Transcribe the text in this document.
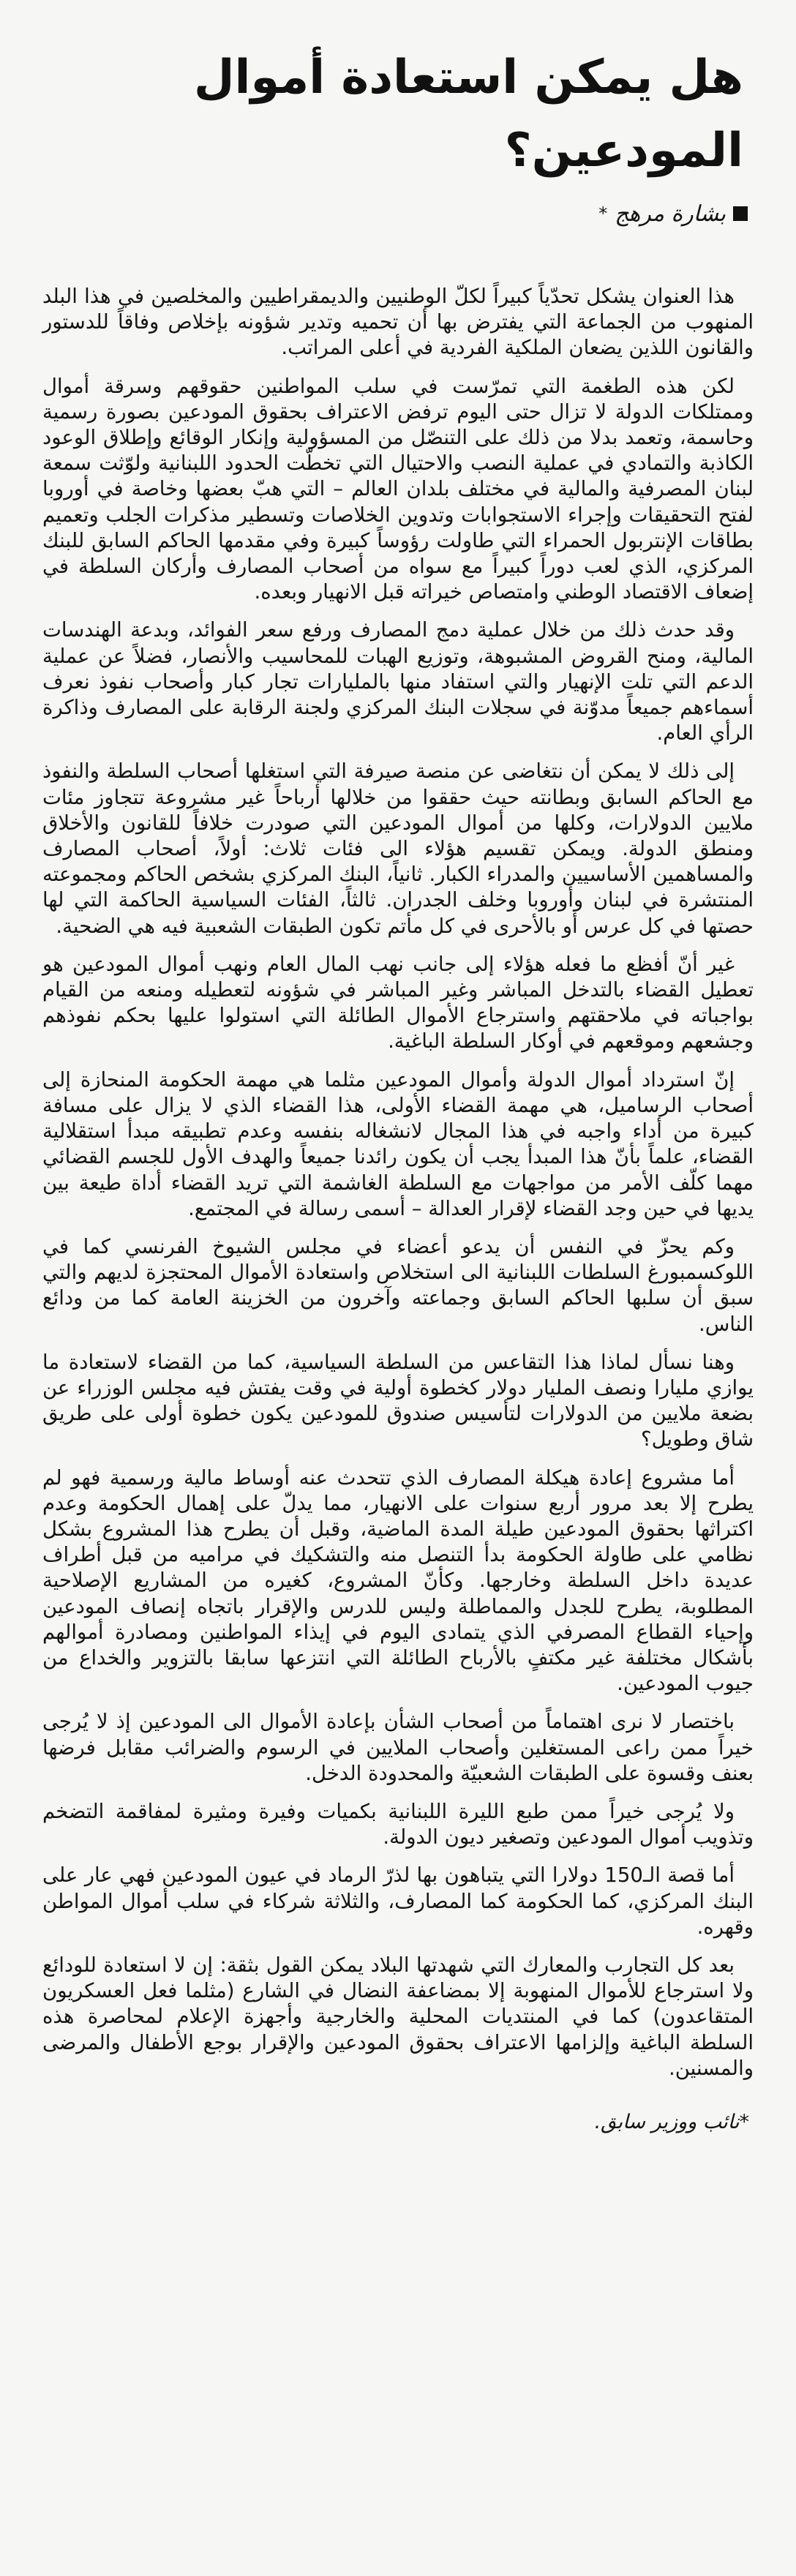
هل يمكن استعادة أموال المودعين؟
بشارة مرهج
*

هذا العنوان يشكل تحدّياً كبيراً لكلّ الوطنيين والديمقراطيين والمخلصين في هذا البلد المنهوب من الجماعة التي يفترض بها أن تحميه وتدير شؤونه بإخلاص وفاقاً للدستور والقانون اللذين يضعان الملكية الفردية في أعلى المراتب.

لكن هذه الطغمة التي تمرّست في سلب المواطنين حقوقهم وسرقة أموال وممتلكات الدولة لا تزال حتى اليوم ترفض الاعتراف بحقوق المودعين بصورة رسمية وحاسمة، وتعمد بدلا من ذلك على التنصّل من المسؤولية وإنكار الوقائع وإطلاق الوعود الكاذبة والتمادي في عملية النصب والاحتيال التي تخطّت الحدود اللبنانية ولوّثت سمعة لبنان المصرفية والمالية في مختلف بلدان العالم – التي هبّ بعضها وخاصة في أوروبا لفتح التحقيقات وإجراء الاستجوابات وتدوين الخلاصات وتسطير مذكرات الجلب وتعميم بطاقات الإنتربول الحمراء التي طاولت رؤوساً كبيرة وفي مقدمها الحاكم السابق للبنك المركزي، الذي لعب دوراً كبيراً مع سواه من أصحاب المصارف وأركان السلطة في إضعاف الاقتصاد الوطني وامتصاص خيراته قبل الانهيار وبعده.

وقد حدث ذلك من خلال عملية دمج المصارف ورفع سعر الفوائد، وبدعة الهندسات المالية، ومنح القروض المشبوهة، وتوزيع الهبات للمحاسيب والأنصار، فضلاً عن عملية الدعم التي تلت الإنهيار والتي استفاد منها بالمليارات تجار كبار وأصحاب نفوذ نعرف أسماءهم جميعاً مدوّنة في سجلات البنك المركزي ولجنة الرقابة على المصارف وذاكرة الرأي العام.

إلى ذلك لا يمكن أن نتغاضى عن منصة صيرفة التي استغلها أصحاب السلطة والنفوذ مع الحاكم السابق وبطانته حيث حققوا من خلالها أرباحاً غير مشروعة تتجاوز مئات ملايين الدولارات، وكلها من أموال المودعين التي صودرت خلافاً للقانون والأخلاق ومنطق الدولة. ويمكن تقسيم هؤلاء الى فئات ثلاث: أولاً، أصحاب المصارف والمساهمين الأساسيين والمدراء الكبار. ثانياً، البنك المركزي بشخص الحاكم ومجموعته المنتشرة في لبنان وأوروبا وخلف الجدران. ثالثاً، الفئات السياسية الحاكمة التي لها حصتها في كل عرس أو بالأحرى في كل مأتم تكون الطبقات الشعبية فيه هي الضحية.

غير أنّ أفظع ما فعله هؤلاء إلى جانب نهب المال العام ونهب أموال المودعين هو تعطيل القضاء بالتدخل المباشر وغير المباشر في شؤونه لتعطيله ومنعه من القيام بواجباته في ملاحقتهم واسترجاع الأموال الطائلة التي استولوا عليها بحكم نفوذهم وجشعهم وموقعهم في أوكار السلطة الباغية.

إنّ استرداد أموال الدولة وأموال المودعين مثلما هي مهمة الحكومة المنحازة إلى أصحاب الرساميل، هي مهمة القضاء الأولى، هذا القضاء الذي لا يزال على مسافة كبيرة من أداء واجبه في هذا المجال لانشغاله بنفسه وعدم تطبيقه مبدأ استقلالية القضاء، علماً بأنّ هذا المبدأ يجب أن يكون رائدنا جميعاً والهدف الأول للجسم القضائي مهما كلّف الأمر من مواجهات مع السلطة الغاشمة التي تريد القضاء أداة طيعة بين يديها في حين وجد القضاء لإقرار العدالة – أسمى رسالة في المجتمع.

وكم يحزّ في النفس أن يدعو أعضاء في مجلس الشيوخ الفرنسي كما في اللوكسمبورغ السلطات اللبنانية الى استخلاص واستعادة الأموال المحتجزة لديهم والتي سبق أن سلبها الحاكم السابق وجماعته وآخرون من الخزينة العامة كما من ودائع الناس.

وهنا نسأل لماذا هذا التقاعس من السلطة السياسية، كما من القضاء لاستعادة ما يوازي مليارا ونصف المليار دولار كخطوة أولية في وقت يفتش فيه مجلس الوزراء عن بضعة ملايين من الدولارات لتأسيس صندوق للمودعين يكون خطوة أولى على طريق شاق وطويل؟

أما مشروع إعادة هيكلة المصارف الذي تتحدث عنه أوساط مالية ورسمية فهو لم يطرح إلا بعد مرور أربع سنوات على الانهيار، مما يدلّ على إهمال الحكومة وعدم اكتراثها بحقوق المودعين طيلة المدة الماضية، وقبل أن يطرح هذا المشروع بشكل نظامي على طاولة الحكومة بدأ التنصل منه والتشكيك في مراميه من قبل أطراف عديدة داخل السلطة وخارجها. وكأنّ المشروع، كغيره من المشاريع الإصلاحية المطلوبة، يطرح للجدل والمماطلة وليس للدرس والإقرار باتجاه إنصاف المودعين وإحياء القطاع المصرفي الذي يتمادى اليوم في إيذاء المواطنين ومصادرة أموالهم بأشكال مختلفة غير مكتفٍ بالأرباح الطائلة التي انتزعها سابقا بالتزوير والخداع من جيوب المودعين.

باختصار لا نرى اهتماماً من أصحاب الشأن بإعادة الأموال الى المودعين إذ لا يُرجى خيراً ممن راعى المستغلين وأصحاب الملايين في الرسوم والضرائب مقابل فرضها بعنف وقسوة على الطبقات الشعبيّة والمحدودة الدخل.

ولا يُرجى خيراً ممن طبع الليرة اللبنانية بكميات وفيرة ومثيرة لمفاقمة التضخم وتذويب أموال المودعين وتصغير ديون الدولة.

أما قصة الـ150 دولارا التي يتباهون بها لذرّ الرماد في عيون المودعين فهي عار على البنك المركزي، كما الحكومة كما المصارف، والثلاثة شركاء في سلب أموال المواطن وقهره.

بعد كل التجارب والمعارك التي شهدتها البلاد يمكن القول بثقة: إن لا استعادة للودائع ولا استرجاع للأموال المنهوبة إلا بمضاعفة النضال في الشارع (مثلما فعل العسكريون المتقاعدون) كما في المنتديات المحلية والخارجية وأجهزة الإعلام لمحاصرة هذه السلطة الباغية وإلزامها الاعتراف بحقوق المودعين والإقرار بوجع الأطفال والمرضى والمسنين.

*نائب ووزير سابق.
